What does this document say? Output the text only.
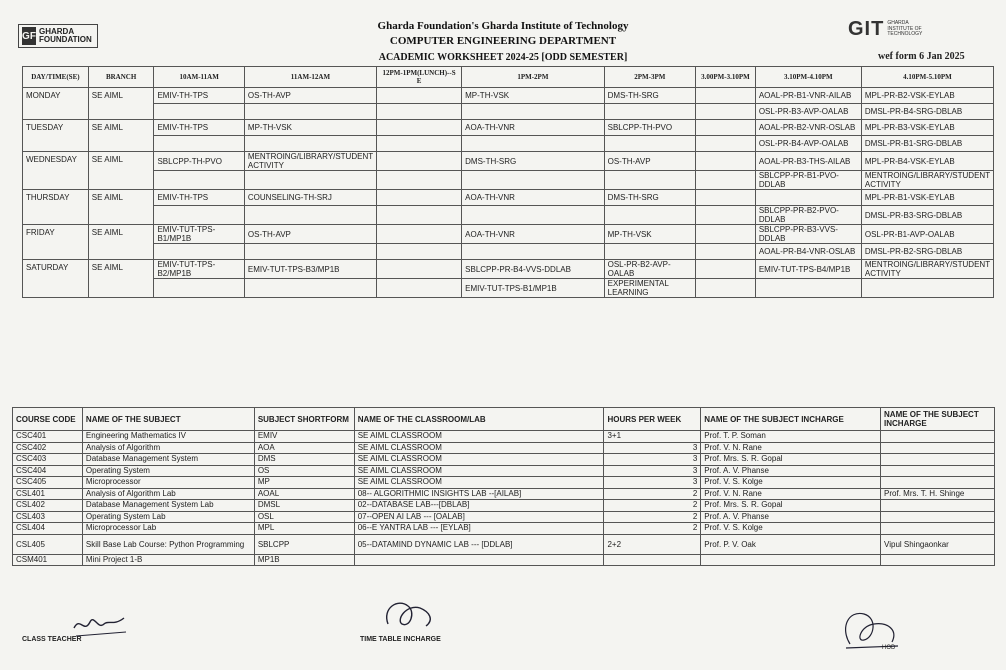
GF GHARDA
FOUNDATION
Gharda Foundation's Gharda Institute of Technology
COMPUTER ENGINEERING DEPARTMENT
ACADEMIC WORKSHEET 2024-25 [ODD SEMESTER]	wef form 6 Jan 2025
GIT GHARDA
INSTITUTE OF
TECHNOLOGY
DAY/TIME(SE)	BRANCH	10AM-11AM	11AM-12AM	12PM-1PM(LUNCH)--S E	1PM-2PM	2PM-3PM	3.00PM-3.10PM	3.10PM-4.10PM	4.10PM-5.10PM
MONDAY	SE AIML	EMIV-TH-TPS	OS-TH-AVP		MP-TH-VSK	DMS-TH-SRG		AOAL-PR-B1-VNR-AILAB	MPL-PR-B2-VSK-EYLAB
								OSL-PR-B3-AVP-OALAB	DMSL-PR-B4-SRG-DBLAB
TUESDAY	SE AIML	EMIV-TH-TPS	MP-TH-VSK		AOA-TH-VNR	SBLCPP-TH-PVO		AOAL-PR-B2-VNR-OSLAB	MPL-PR-B3-VSK-EYLAB
								OSL-PR-B4-AVP-OALAB	DMSL-PR-B1-SRG-DBLAB
WEDNESDAY	SE AIML	SBLCPP-TH-PVO	MENTROING/LIBRARY/STUDENT ACTIVITY		DMS-TH-SRG	OS-TH-AVP		AOAL-PR-B3-THS-AILAB	MPL-PR-B4-VSK-EYLAB
								SBLCPP-PR-B1-PVO-DDLAB	MENTROING/LIBRARY/STUDENT ACTIVITY
THURSDAY	SE AIML	EMIV-TH-TPS	COUNSELING-TH-SRJ		AOA-TH-VNR	DMS-TH-SRG			MPL-PR-B1-VSK-EYLAB
								SBLCPP-PR-B2-PVO-DDLAB	DMSL-PR-B3-SRG-DBLAB
FRIDAY	SE AIML	EMIV-TUT-TPS-B1/MP1B	OS-TH-AVP		AOA-TH-VNR	MP-TH-VSK		SBLCPP-PR-B3-VVS-DDLAB	OSL-PR-B1-AVP-OALAB
								AOAL-PR-B4-VNR-OSLAB	DMSL-PR-B2-SRG-DBLAB
SATURDAY	SE AIML	EMIV-TUT-TPS-B2/MP1B	EMIV-TUT-TPS-B3/MP1B		SBLCPP-PR-B4-VVS-DDLAB	OSL-PR-B2-AVP-OALAB		EMIV-TUT-TPS-B4/MP1B	MENTROING/LIBRARY/STUDENT ACTIVITY
					EMIV-TUT-TPS-B1/MP1B	EXPERIMENTAL LEARNING			
COURSE CODE	NAME OF THE SUBJECT	SUBJECT SHORTFORM	NAME OF THE CLASSROOM/LAB	HOURS PER WEEK	NAME OF THE SUBJECT INCHARGE	NAME OF THE SUBJECT INCHARGE
CSC401	Engineering Mathematics IV	EMIV	SE AIML CLASSROOM	3+1	Prof. T. P. Soman	
CSC402	Analysis of Algorithm	AOA	SE AIML CLASSROOM	3	Prof. V. N. Rane	
CSC403	Database Management System	DMS	SE AIML CLASSROOM	3	Prof. Mrs. S. R. Gopal	
CSC404	Operating System	OS	SE AIML CLASSROOM	3	Prof. A. V. Phanse	
CSC405	Microprocessor	MP	SE AIML CLASSROOM	3	Prof. V. S. Kolge	
CSL401	Analysis of Algorithm Lab	AOAL	08-- ALGORITHMIC INSIGHTS LAB --[AILAB]	2	Prof. V. N. Rane	Prof. Mrs. T. H. Shinge
CSL402	Database Management System Lab	DMSL	02--DATABASE LAB---[DBLAB]	2	Prof. Mrs. S. R. Gopal	
CSL403	Operating System Lab	OSL	07--OPEN AI LAB --- [OALAB]	2	Prof. A. V. Phanse	
CSL404	Microprocessor Lab	MPL	06--E YANTRA LAB --- [EYLAB]	2	Prof. V. S. Kolge	
CSL405	Skill Base Lab Course: Python Programming	SBLCPP	05--DATAMIND DYNAMIC LAB --- [DDLAB]	2+2	Prof. P. V. Oak	Vipul Shingaonkar
CSM401	Mini Project 1-B	MP1B				
CLASS TEACHER	TIME TABLE INCHARGE
HOD
